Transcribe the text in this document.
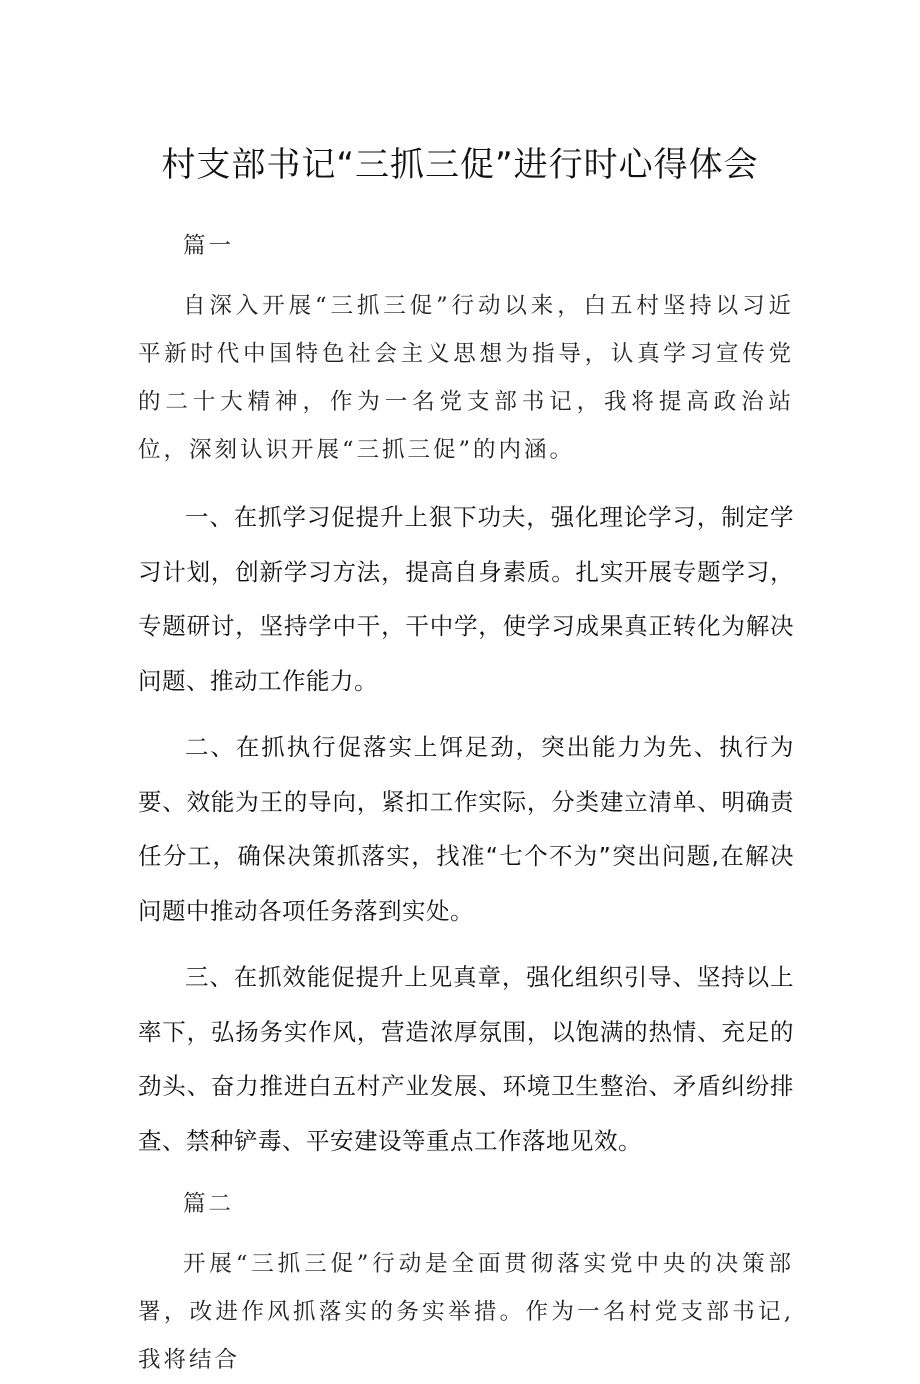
村支部书记“三抓三促”进行时心得体会
篇一

自深入开展“三抓三促”行动以来，白五村坚持以习近平新时代中国特色社会主义思想为指导，认真学习宣传党的二十大精神，作为一名党支部书记，我将提高政治站位，深刻认识开展“三抓三促”的内涵。

一、在抓学习促提升上狠下功夫，强化理论学习，制定学习计划，创新学习方法，提高自身素质。扎实开展专题学习，专题研讨，坚持学中干，干中学，使学习成果真正转化为解决问题、推动工作能力。

二、在抓执行促落实上饵足劲，突出能力为先、执行为要、效能为王的导向，紧扣工作实际，分类建立清单、明确责任分工，确保决策抓落实，找准“七个不为”突出问题,在解决问题中推动各项任务落到实处。

三、在抓效能促提升上见真章，强化组织引导、坚持以上率下，弘扬务实作风，营造浓厚氛围，以饱满的热情、充足的劲头、奋力推进白五村产业发展、环境卫生整治、矛盾纠纷排查、禁种铲毒、平安建设等重点工作落地见效。

篇二

开展“三抓三促”行动是全面贯彻落实党中央的决策部署，改进作风抓落实的务实举措。作为一名村党支部书记,我将结合
